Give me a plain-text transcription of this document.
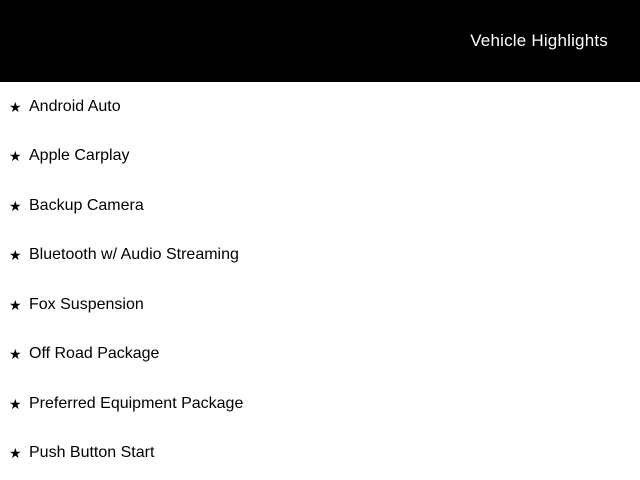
Vehicle Highlights
★ Android Auto
★ Apple Carplay
★ Backup Camera
★ Bluetooth w/ Audio Streaming
★ Fox Suspension
★ Off Road Package
★ Preferred Equipment Package
★ Push Button Start
